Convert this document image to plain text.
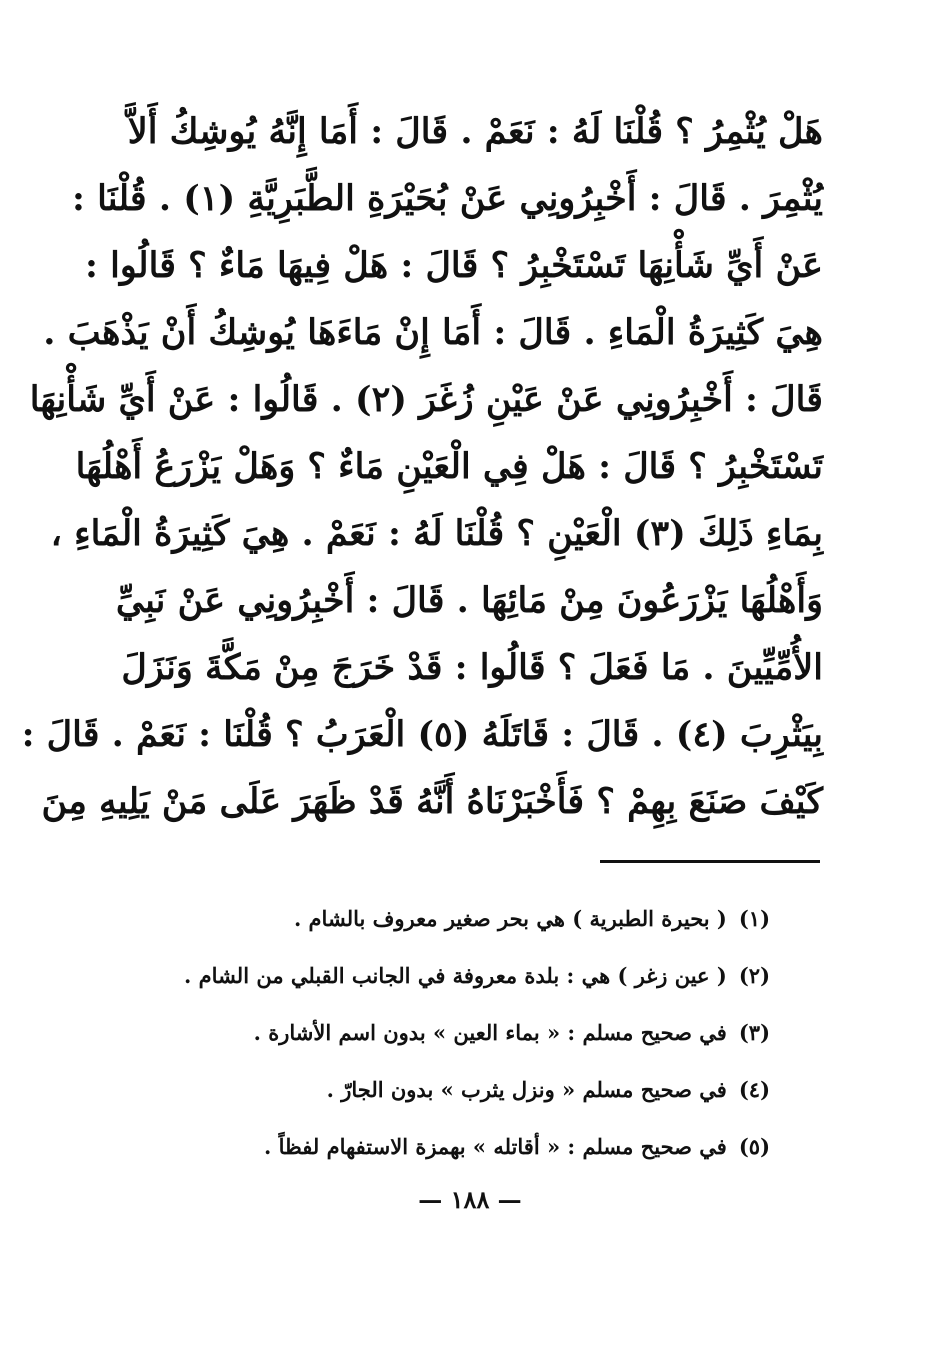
هَلْ يُثْمِرُ ؟ قُلْنَا لَهُ : نَعَمْ . قَالَ : أَمَا إِنَّهُ يُوشِكُ أَلاَّ
يُثْمِرَ . قَالَ : أَخْبِرُونِي عَنْ بُحَيْرَةِ الطَّبَرِيَّةِ (١) . قُلْنَا :
عَنْ أَيِّ شَأْنِهَا تَسْتَخْبِرُ ؟ قَالَ : هَلْ فِيهَا مَاءٌ ؟ قَالُوا :
هِيَ كَثِيرَةُ الْمَاءِ . قَالَ : أَمَا إِنْ مَاءَهَا يُوشِكُ أَنْ يَذْهَبَ .
قَالَ : أَخْبِرُونِي عَنْ عَيْنِ زُغَرَ (٢) . قَالُوا : عَنْ أَيِّ شَأْنِهَا
تَسْتَخْبِرُ ؟ قَالَ : هَلْ فِي الْعَيْنِ مَاءٌ ؟ وَهَلْ يَزْرَعُ أَهْلُهَا
بِمَاءِ ذَلِكَ (٣) الْعَيْنِ ؟ قُلْنَا لَهُ : نَعَمْ . هِيَ كَثِيرَةُ الْمَاءِ ،
وَأَهْلُهَا يَزْرَعُونَ مِنْ مَائِهَا . قَالَ : أَخْبِرُونِي عَنْ نَبِيِّ
الأُمِّيِّينَ . مَا فَعَلَ ؟ قَالُوا : قَدْ خَرَجَ مِنْ مَكَّةَ وَنَزَلَ
بِيَثْرِبَ (٤) . قَالَ : قَاتَلَهُ (٥) الْعَرَبُ ؟ قُلْنَا : نَعَمْ . قَالَ :
كَيْفَ صَنَعَ بِهِمْ ؟ فَأَخْبَرْنَاهُ أَنَّهُ قَدْ ظَهَرَ عَلَى مَنْ يَلِيهِ مِنَ
(١)( بحيرة الطبرية ) هي بحر صغير معروف بالشام .
(٢)( عين زغر ) هي : بلدة معروفة في الجانب القبلي من الشام .
(٣)في صحيح مسلم : « بماء العين » بدون اسم الأشارة .
(٤)في صحيح مسلم « ونزل يثرب » بدون الجارّ .
(٥)في صحيح مسلم : « أقاتله » بهمزة الاستفهام لفظاً .
— ١٨٨ —
